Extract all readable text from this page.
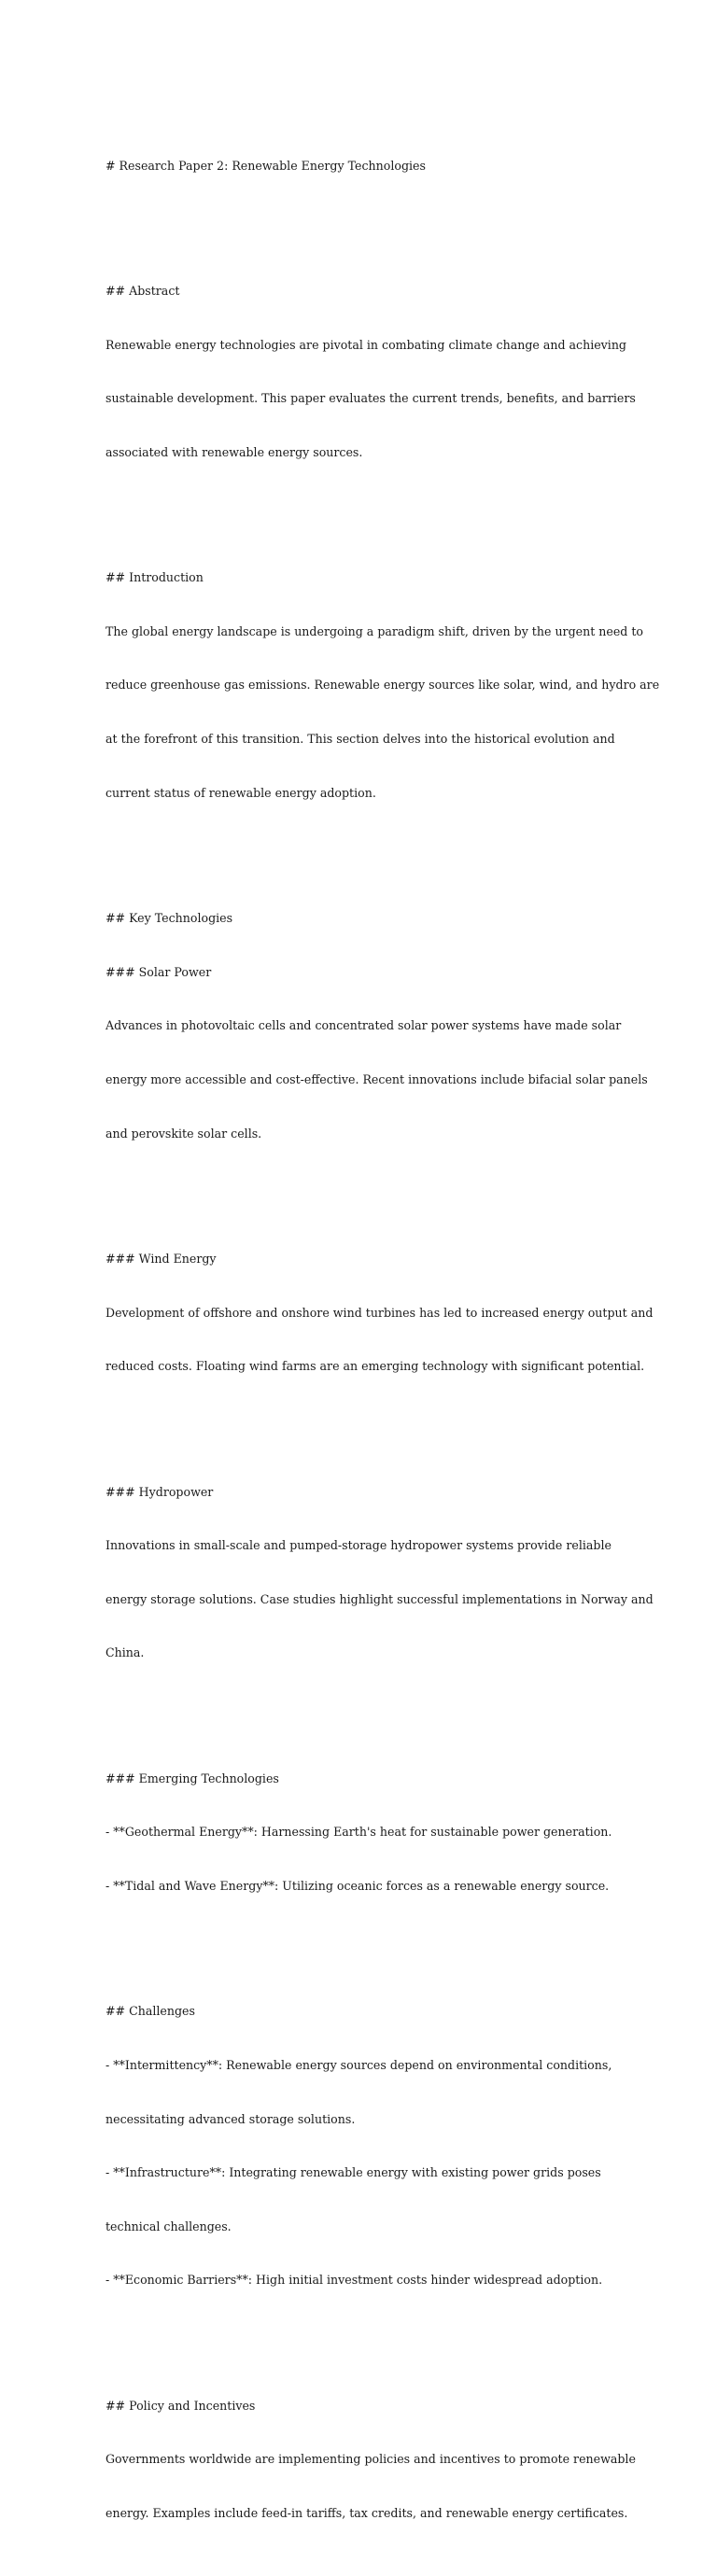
# Research Paper 2: Renewable Energy Technologies

## Abstract

Renewable energy technologies are pivotal in combating climate change and achieving

sustainable development. This paper evaluates the current trends, benefits, and barriers

associated with renewable energy sources.

## Introduction

The global energy landscape is undergoing a paradigm shift, driven by the urgent need to

reduce greenhouse gas emissions. Renewable energy sources like solar, wind, and hydro are

at the forefront of this transition. This section delves into the historical evolution and

current status of renewable energy adoption.

## Key Technologies

### Solar Power

Advances in photovoltaic cells and concentrated solar power systems have made solar

energy more accessible and cost-effective. Recent innovations include bifacial solar panels

and perovskite solar cells.

### Wind Energy

Development of offshore and onshore wind turbines has led to increased energy output and

reduced costs. Floating wind farms are an emerging technology with significant potential.

### Hydropower

Innovations in small-scale and pumped-storage hydropower systems provide reliable

energy storage solutions. Case studies highlight successful implementations in Norway and

China.

### Emerging Technologies

- **Geothermal Energy**: Harnessing Earth's heat for sustainable power generation.

- **Tidal and Wave Energy**: Utilizing oceanic forces as a renewable energy source.

## Challenges

- **Intermittency**: Renewable energy sources depend on environmental conditions,

necessitating advanced storage solutions.

- **Infrastructure**: Integrating renewable energy with existing power grids poses

technical challenges.

- **Economic Barriers**: High initial investment costs hinder widespread adoption.

## Policy and Incentives

Governments worldwide are implementing policies and incentives to promote renewable

energy. Examples include feed-in tariffs, tax credits, and renewable energy certificates.
